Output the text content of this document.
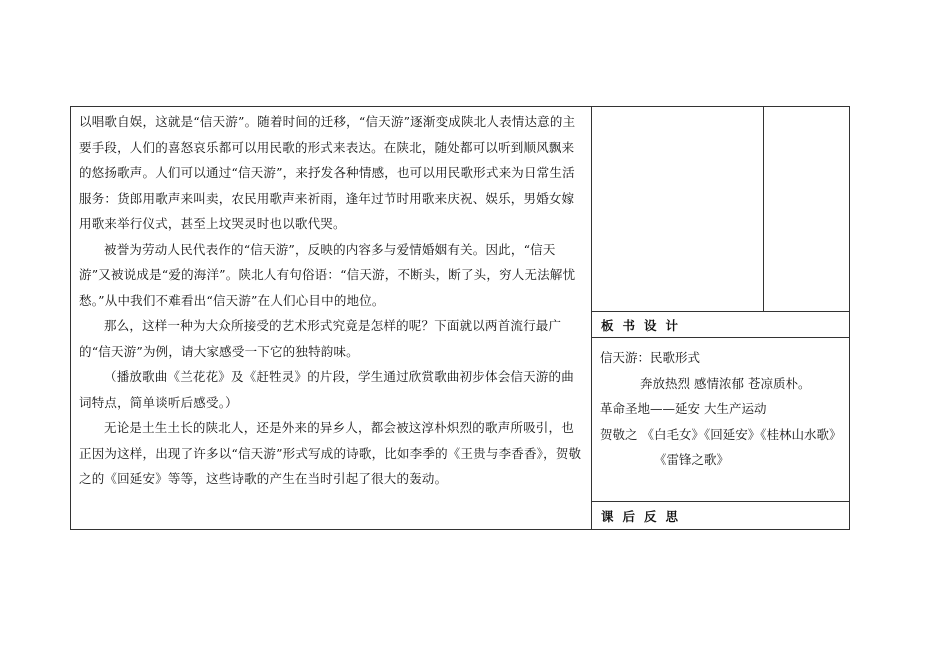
以唱歌自娱，这就是“信天游”。随着时间的迁移，“信天游”逐渐变成陕北人表情达意的主要手段，人们的喜怒哀乐都可以用民歌的形式来表达。在陕北，随处都可以听到顺风飘来的悠扬歌声。人们可以通过“信天游”，来抒发各种情感，也可以用民歌形式来为日常生活服务：货郎用歌声来叫卖，农民用歌声来祈雨，逢年过节时用歌来庆祝、娱乐，男婚女嫁用歌来举行仪式，甚至上坟哭灵时也以歌代哭。

被誉为劳动人民代表作的“信天游”，反映的内容多与爱情婚姻有关。因此，“信天游”又被说成是“爱的海洋”。陕北人有句俗语：“信天游，不断头，断了头，穷人无法解忧愁。”从中我们不难看出“信天游”在人们心目中的地位。

那么，这样一种为大众所接受的艺术形式究竟是怎样的呢？下面就以两首流行最广的“信天游”为例，请大家感受一下它的独特韵味。

（播放歌曲《兰花花》及《赶牲灵》的片段，学生通过欣赏歌曲初步体会信天游的曲词特点，简单谈听后感受。）

无论是土生土长的陕北人，还是外来的异乡人，都会被这淳朴炽烈的歌声所吸引，也正因为这样，出现了许多以“信天游”形式写成的诗歌，比如李季的《王贵与李香香》，贺敬之的《回延安》等等，这些诗歌的产生在当时引起了很大的轰动。

板书设计

信天游：民歌形式

奔放热烈 感情浓郁 苍凉质朴。

革命圣地——延安 大生产运动

贺敬之 《白毛女》《回延安》《桂林山水歌》

《雷锋之歌》

课后反思
